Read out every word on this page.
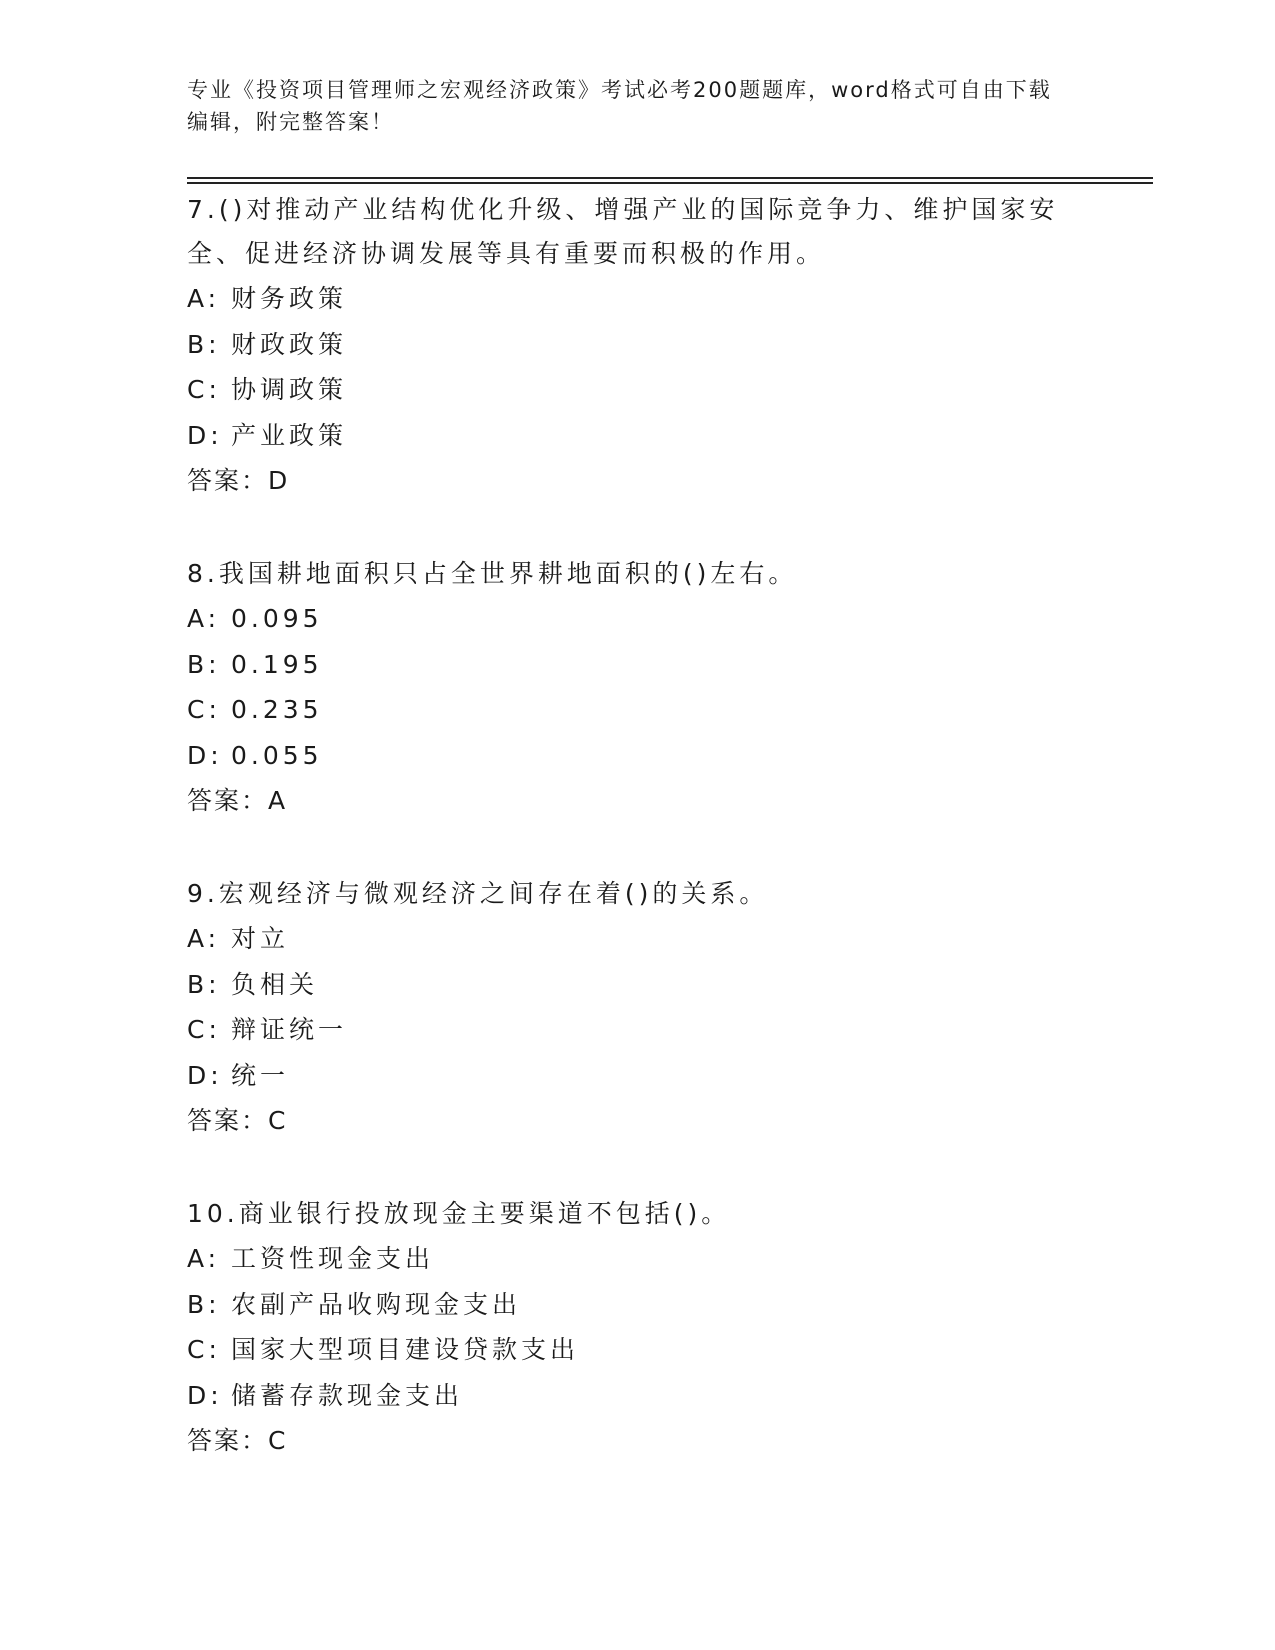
专业《投资项目管理师之宏观经济政策》考试必考200题题库，word格式可自由下载编辑，附完整答案！

7.()对推动产业结构优化升级、增强产业的国际竞争力、维护国家安全、促进经济协调发展等具有重要而积极的作用。

A: 财务政策
B: 财政政策
C: 协调政策
D: 产业政策
答案：D

8.我国耕地面积只占全世界耕地面积的()左右。

A: 0.095
B: 0.195
C: 0.235
D: 0.055
答案：A

9.宏观经济与微观经济之间存在着()的关系。

A: 对立
B: 负相关
C: 辩证统一
D: 统一
答案：C

10.商业银行投放现金主要渠道不包括()。

A: 工资性现金支出
B: 农副产品收购现金支出
C: 国家大型项目建设贷款支出
D: 储蓄存款现金支出
答案：C
